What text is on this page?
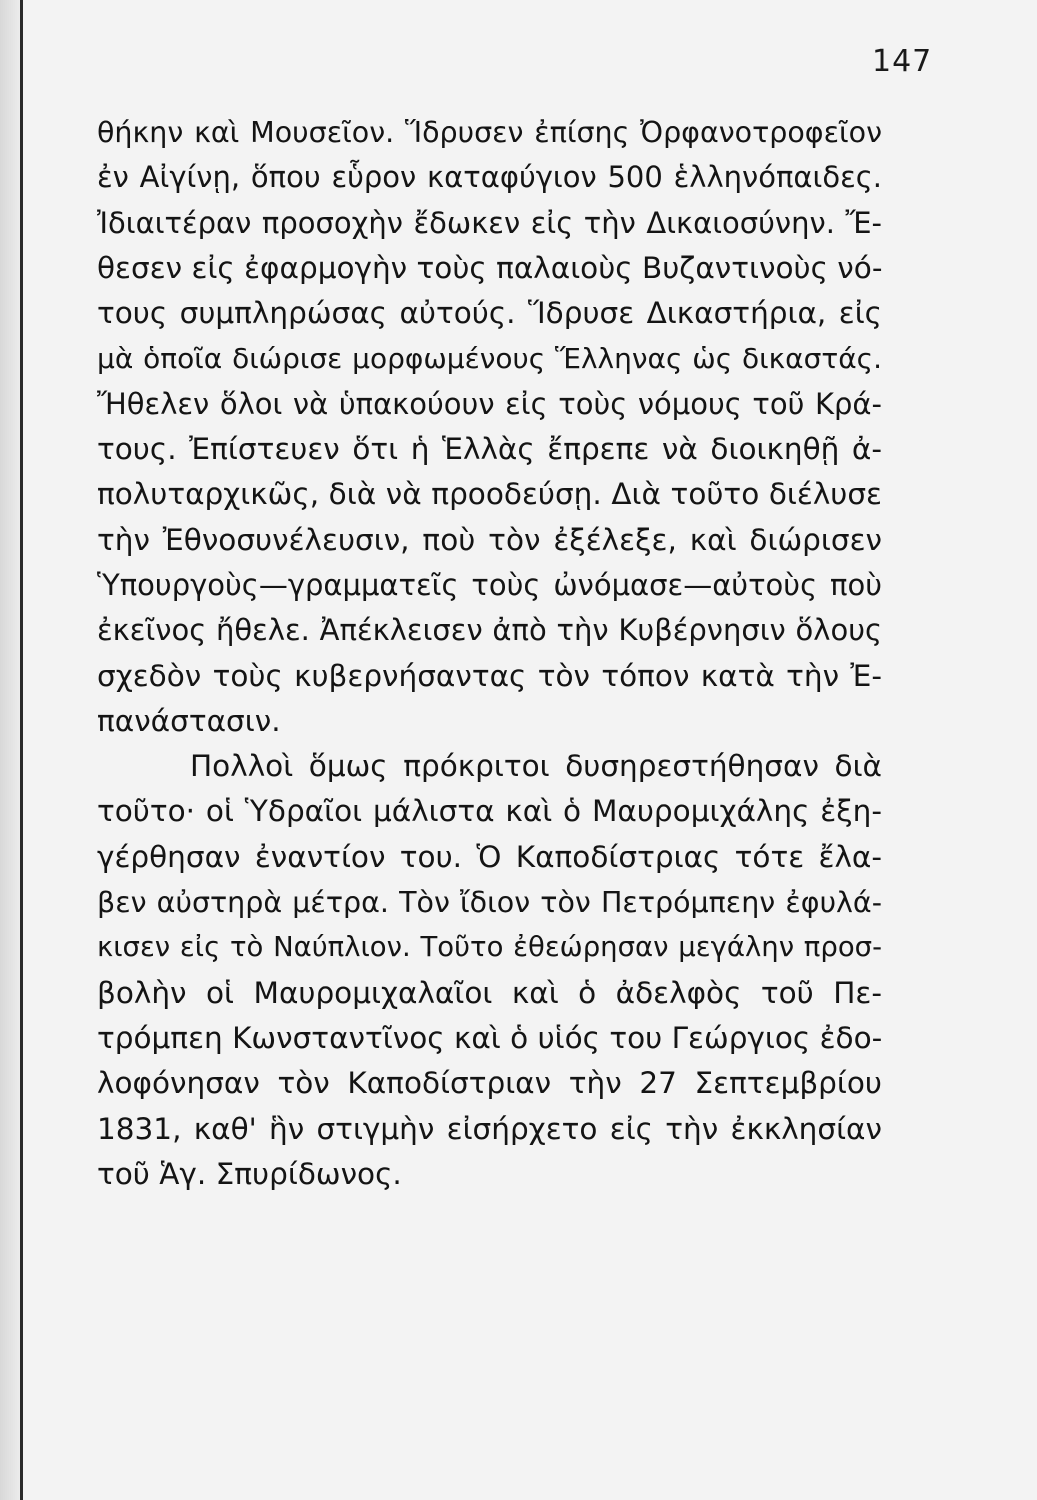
147
θήκην καὶ Μουσεῖον. Ἵδρυσεν ἐπίσης Ὀρφανοτροφεῖον
ἐν Αἰγίνῃ, ὅπου εὗρον καταφύγιον 500 ἑλληνόπαιδες.
Ἰδιαιτέραν προσοχὴν ἔδωκεν εἰς τὴν Δικαιοσύνην. Ἔ-
θεσεν εἰς ἐφαρμογὴν τοὺς παλαιοὺς Βυζαντινοὺς νό-
τους συμπληρώσας αὐτούς. Ἵδρυσε Δικαστήρια, εἰς
μὰ ὁποῖα διώρισε μορφωμένους Ἕλληνας ὡς δικαστάς.
Ἤθελεν ὅλοι νὰ ὑπακούουν εἰς τοὺς νόμους τοῦ Κρά-
τους. Ἐπίστευεν ὅτι ἡ Ἑλλὰς ἔπρεπε νὰ διοικηθῇ ἀ-
πολυταρχικῶς, διὰ νὰ προοδεύσῃ. Διὰ τοῦτο διέλυσε
τὴν Ἐθνοσυνέλευσιν, ποὺ τὸν ἐξέλεξε, καὶ διώρισεν
Ὑπουργοὺς—γραμματεῖς τοὺς ὠνόμασε—αὐτοὺς ποὺ
ἐκεῖνος ἤθελε. Ἀπέκλεισεν ἀπὸ τὴν Κυβέρνησιν ὅλους
σχεδὸν τοὺς κυβερνήσαντας τὸν τόπον κατὰ τὴν Ἐ-
πανάστασιν.
Πολλοὶ ὅμως πρόκριτοι δυσηρεστήθησαν διὰ
τοῦτο· οἱ Ὑδραῖοι μάλιστα καὶ ὁ Μαυρομιχάλης ἐξη-
γέρθησαν ἐναντίον του. Ὁ Καποδίστριας τότε ἔλα-
βεν αὐστηρὰ μέτρα. Τὸν ἴδιον τὸν Πετρόμπεην ἐφυλά-
κισεν εἰς τὸ Ναύπλιον. Τοῦτο ἐθεώρησαν μεγάλην προσ-
βολὴν οἱ Μαυρομιχαλαῖοι καὶ ὁ ἀδελφὸς τοῦ Πε-
τρόμπεη Κωνσταντῖνος καὶ ὁ υἱός του Γεώργιος ἐδο-
λοφόνησαν τὸν Καποδίστριαν τὴν 27 Σεπτεμβρίου
1831, καθ' ἣν στιγμὴν εἰσήρχετο εἰς τὴν ἐκκλησίαν
τοῦ Ἁγ. Σπυρίδωνος.
